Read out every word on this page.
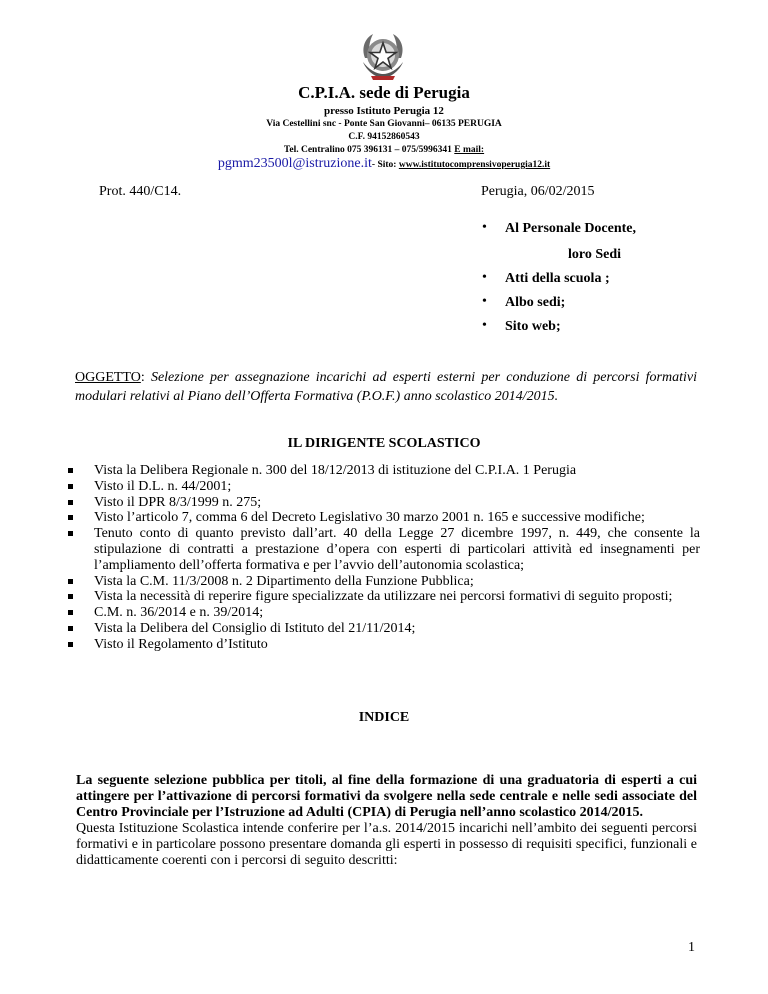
C.P.I.A. sede di Perugia
presso Istituto Perugia 12
Via Cestellini snc - Ponte San Giovanni– 06135 PERUGIA
C.F. 94152860543
Tel. Centralino 075 396131 – 075/5996341 E mail:
pgmm23500l@istruzione.it- Sito: www.istitutocomprensivoperugia12.it
Prot. 440/C14.	Perugia, 06/02/2015
• Al Personale Docente,
loro Sedi
• Atti della scuola ;
• Albo sedi;
• Sito web;
OGGETTO: Selezione per assegnazione incarichi ad esperti esterni per conduzione di percorsi formativi modulari relativi al Piano dell’Offerta Formativa (P.O.F.) anno scolastico 2014/2015.
IL DIRIGENTE SCOLASTICO
Vista la Delibera Regionale n. 300 del 18/12/2013 di istituzione del C.P.I.A. 1 Perugia
Visto il D.L. n. 44/2001;
Visto il DPR 8/3/1999 n. 275;
Visto l’articolo 7, comma 6 del Decreto Legislativo 30 marzo 2001 n. 165 e successive modifiche;
Tenuto conto di quanto previsto dall’art. 40 della Legge 27 dicembre 1997, n. 449, che consente la stipulazione di contratti a prestazione d’opera con esperti di particolari attività ed insegnamenti per l’ampliamento dell’offerta formativa e per l’avvio dell’autonomia scolastica;
Vista la C.M. 11/3/2008 n. 2 Dipartimento della Funzione Pubblica;
Vista la necessità di reperire figure specializzate da utilizzare nei percorsi formativi di seguito proposti;
C.M. n. 36/2014 e n. 39/2014;
Vista la Delibera del Consiglio di Istituto del 21/11/2014;
Visto il Regolamento d’Istituto
INDICE
La seguente selezione pubblica per titoli, al fine della formazione di una graduatoria di esperti a cui attingere per l’attivazione di percorsi formativi da svolgere nella sede centrale e nelle sedi associate del Centro Provinciale per l’Istruzione ad Adulti (CPIA) di Perugia nell’anno scolastico 2014/2015.
Questa Istituzione Scolastica intende conferire per l’a.s. 2014/2015 incarichi nell’ambito dei seguenti percorsi formativi e in particolare possono presentare domanda gli esperti in possesso di requisiti specifici, funzionali e didatticamente coerenti con i percorsi di seguito descritti:
1
